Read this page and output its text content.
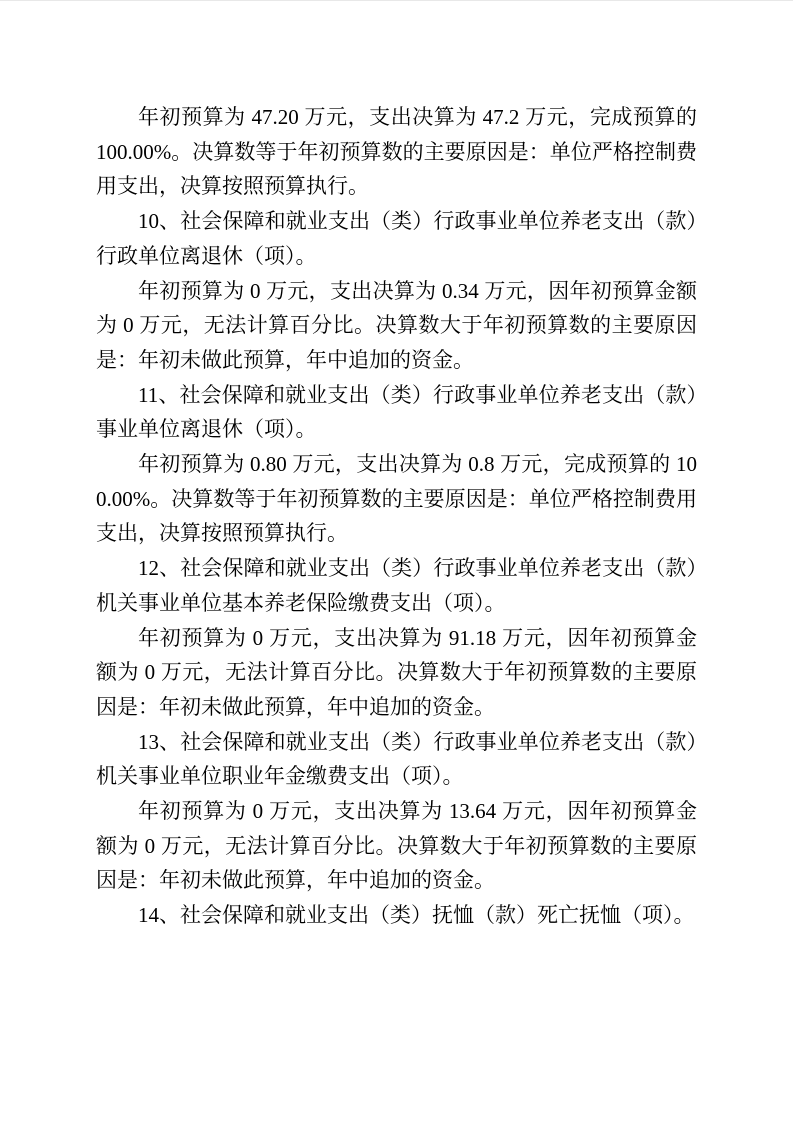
年初预算为 47.20 万元，支出决算为 47.2 万元，完成预算的 100.00%。决算数等于年初预算数的主要原因是：单位严格控制费用支出，决算按照预算执行。

10、社会保障和就业支出（类）行政事业单位养老支出（款）行政单位离退休（项）。

年初预算为 0 万元，支出决算为 0.34 万元，因年初预算金额为 0 万元，无法计算百分比。决算数大于年初预算数的主要原因是：年初未做此预算，年中追加的资金。

11、社会保障和就业支出（类）行政事业单位养老支出（款）事业单位离退休（项）。

年初预算为 0.80 万元，支出决算为 0.8 万元，完成预算的 100.00%。决算数等于年初预算数的主要原因是：单位严格控制费用支出，决算按照预算执行。

12、社会保障和就业支出（类）行政事业单位养老支出（款）机关事业单位基本养老保险缴费支出（项）。

年初预算为 0 万元，支出决算为 91.18 万元，因年初预算金额为 0 万元，无法计算百分比。决算数大于年初预算数的主要原因是：年初未做此预算，年中追加的资金。

13、社会保障和就业支出（类）行政事业单位养老支出（款）机关事业单位职业年金缴费支出（项）。

年初预算为 0 万元，支出决算为 13.64 万元，因年初预算金额为 0 万元，无法计算百分比。决算数大于年初预算数的主要原因是：年初未做此预算，年中追加的资金。

14、社会保障和就业支出（类）抚恤（款）死亡抚恤（项）。
